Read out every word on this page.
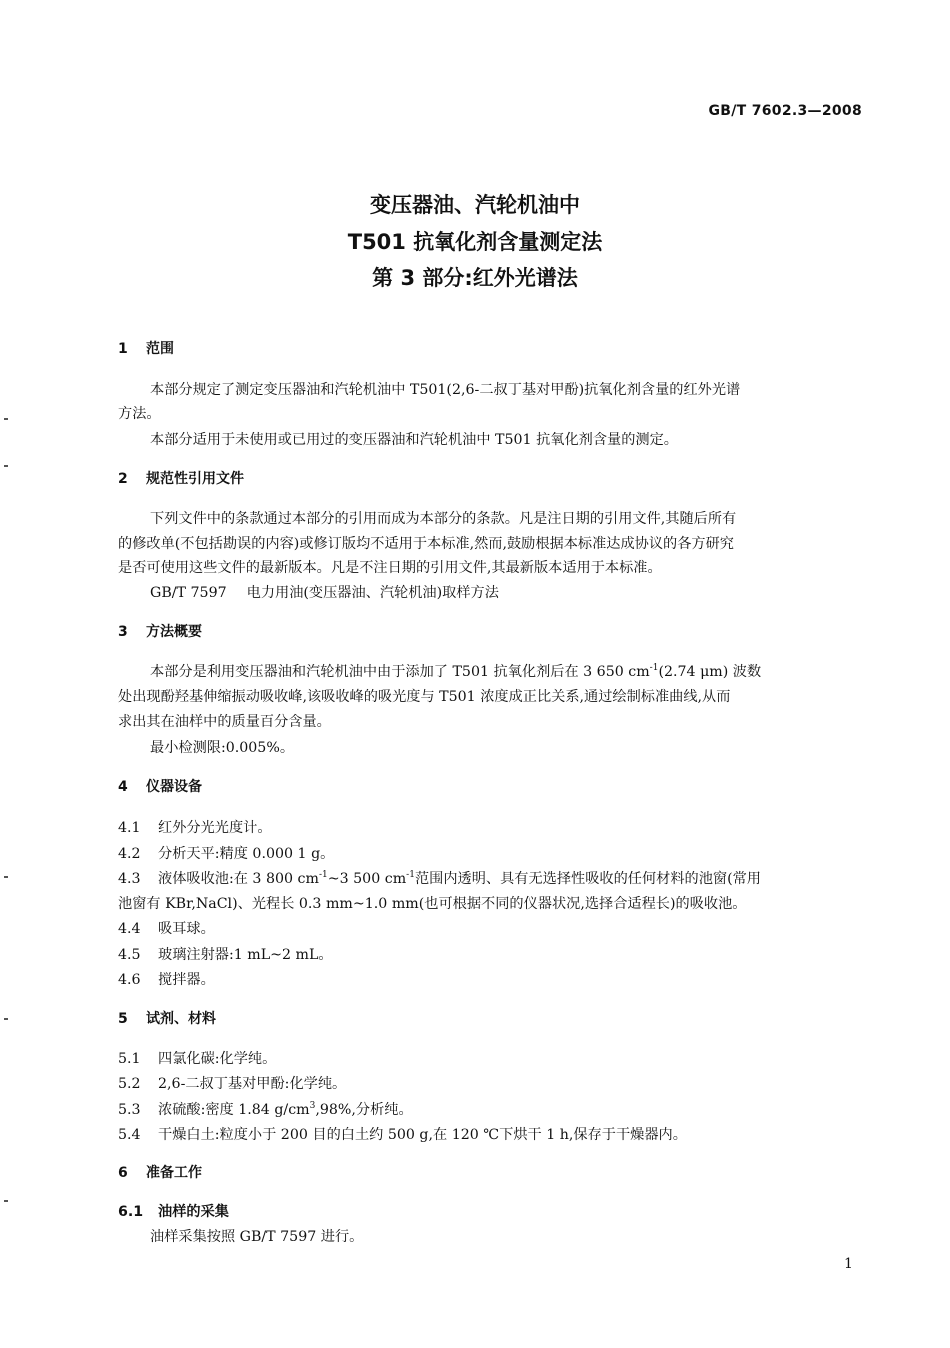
GB/T 7602.3—2008
变压器油、汽轮机油中
T501 抗氧化剂含量测定法
第 3 部分:红外光谱法
1 范围
本部分规定了测定变压器油和汽轮机油中 T501(2,6-二叔丁基对甲酚)抗氧化剂含量的红外光谱
方法。
本部分适用于未使用或已用过的变压器油和汽轮机油中 T501 抗氧化剂含量的测定。
2 规范性引用文件
下列文件中的条款通过本部分的引用而成为本部分的条款。凡是注日期的引用文件,其随后所有
的修改单(不包括勘误的内容)或修订版均不适用于本标准,然而,鼓励根据本标准达成协议的各方研究
是否可使用这些文件的最新版本。凡是不注日期的引用文件,其最新版本适用于本标准。
GB/T 7597 电力用油(变压器油、汽轮机油)取样方法
3 方法概要
本部分是利用变压器油和汽轮机油中由于添加了 T501 抗氧化剂后在 3 650 $cm^{-1}(2.74$ μm) 波数
处出现酚羟基伸缩振动吸收峰,该吸收峰的吸光度与 T501 浓度成正比关系,通过绘制标准曲线,从而
求出其在油样中的质量百分含量。
最小检测限:0.005%。
4 仪器设备
4.1 红外分光光度计。
4.2 分析天平:精度 0.000 1 g。
4.3 液体吸收池:在 3 800 $cm^{-1}\sim 3$ 500 $cm^{-1}$范围内透明、具有无选择性吸收的任何材料的池窗(常用
池窗有 KBr,NaCl)、光程长 0.3 mm~1.0 mm(也可根据不同的仪器状况,选择合适程长)的吸收池。
4.4 吸耳球。
4.5 玻璃注射器:1 mL~2 mL。
4.6 搅拌器。
5 试剂、材料
5.1 四氯化碳:化学纯。
5.2 2,6-二叔丁基对甲酚:化学纯。
5.3 浓硫酸:密度 1.84 $g/cm^3,98\%$,分析纯。
5.4 干燥白土:粒度小于 200 目的白土约 500 g,在 120 ℃下烘干 1 h,保存于干燥器内。
6 准备工作
6.1 油样的采集
油样采集按照 GB/T 7597 进行。
1
